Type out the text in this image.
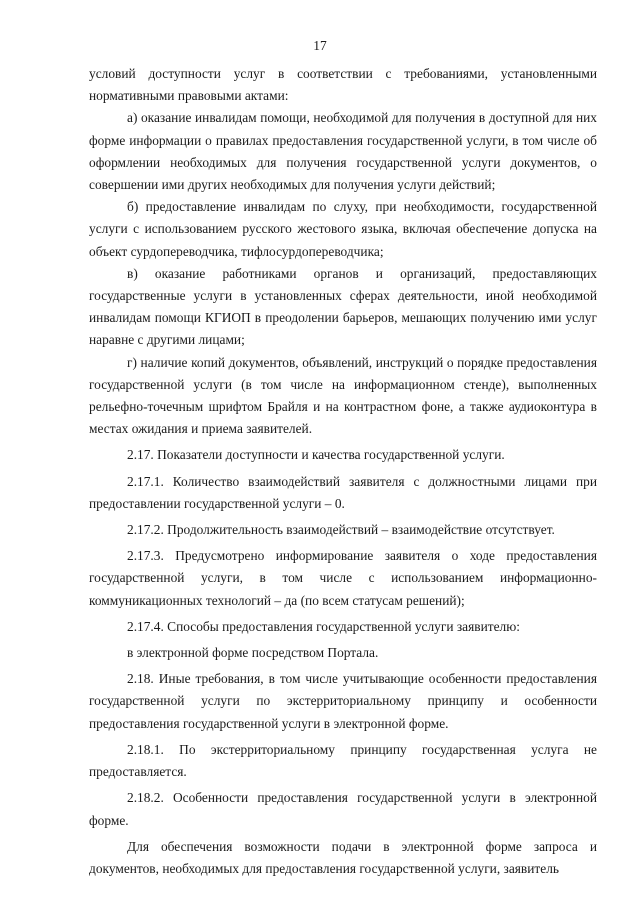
17

условий доступности услуг в соответствии с требованиями, установленными нормативными правовыми актами:

а) оказание инвалидам помощи, необходимой для получения в доступной для них форме информации о правилах предоставления государственной услуги, в том числе об оформлении необходимых для получения государственной услуги документов, о совершении ими других необходимых для получения услуги действий;

б) предоставление инвалидам по слуху, при необходимости, государственной услуги с использованием русского жестового языка, включая обеспечение допуска на объект сурдопереводчика, тифлосурдопереводчика;

в) оказание работниками органов и организаций, предоставляющих государственные услуги в установленных сферах деятельности, иной необходимой инвалидам помощи КГИОП в преодолении барьеров, мешающих получению ими услуг наравне с другими лицами;

г) наличие копий документов, объявлений, инструкций о порядке предоставления государственной услуги (в том числе на информационном стенде), выполненных рельефно-точечным шрифтом Брайля и на контрастном фоне, а также аудиоконтура в местах ожидания и приема заявителей.

2.17. Показатели доступности и качества государственной услуги.

2.17.1. Количество взаимодействий заявителя с должностными лицами при предоставлении государственной услуги – 0.

2.17.2. Продолжительность взаимодействий – взаимодействие отсутствует.

2.17.3. Предусмотрено информирование заявителя о ходе предоставления государственной услуги, в том числе с использованием информационно-коммуникационных технологий – да (по всем статусам решений);

2.17.4. Способы предоставления государственной услуги заявителю:

в электронной форме посредством Портала.

2.18. Иные требования, в том числе учитывающие особенности предоставления государственной услуги по экстерриториальному принципу и особенности предоставления государственной услуги в электронной форме.

2.18.1. По экстерриториальному принципу государственная услуга не предоставляется.

2.18.2. Особенности предоставления государственной услуги в электронной форме.

Для обеспечения возможности подачи в электронной форме запроса и документов, необходимых для предоставления государственной услуги, заявитель
